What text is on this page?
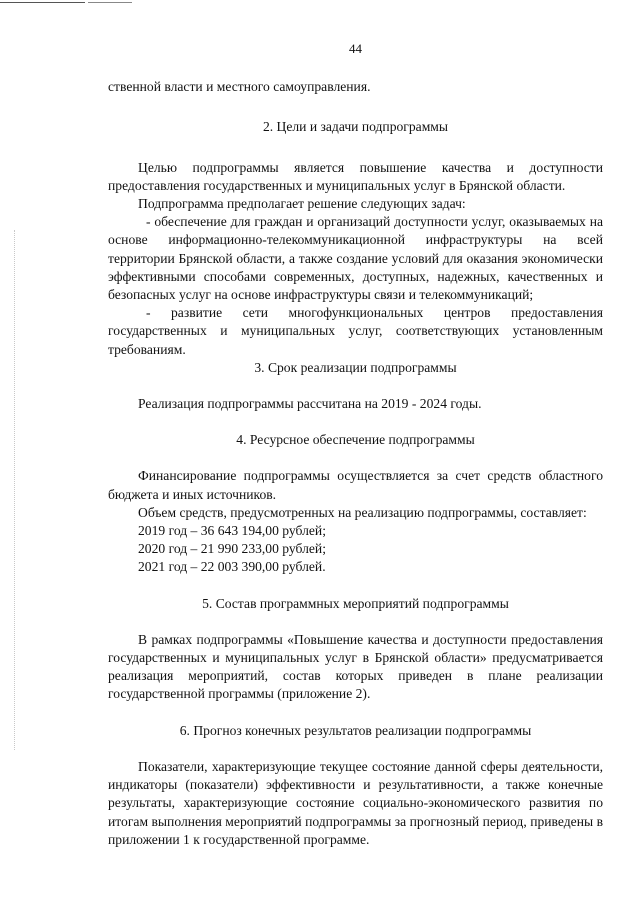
44

ственной власти и местного самоуправления.

2. Цели и задачи подпрограммы

Целью подпрограммы является повышение качества и доступности предоставления государственных и муниципальных услуг в Брянской области.

Подпрограмма предполагает решение следующих задач:

- обеспечение для граждан и организаций доступности услуг, оказываемых на основе информационно-телекоммуникационной инфраструктуры на всей территории Брянской области, а также создание условий для оказания экономически эффективными способами современных, доступных, надежных, качественных и безопасных услуг на основе инфраструктуры связи и телекоммуникаций;

- развитие сети многофункциональных центров предоставления государственных и муниципальных услуг, соответствующих установленным требованиям.

3. Срок реализации подпрограммы

Реализация подпрограммы рассчитана на 2019 - 2024 годы.

4. Ресурсное обеспечение подпрограммы

Финансирование подпрограммы осуществляется за счет средств областного бюджета и иных источников.

Объем средств, предусмотренных на реализацию подпрограммы, составляет:

2019 год – 36 643 194,00 рублей;

2020 год – 21 990 233,00 рублей;

2021 год – 22 003 390,00 рублей.

5. Состав программных мероприятий подпрограммы

В рамках подпрограммы «Повышение качества и доступности предоставления государственных и муниципальных услуг в Брянской области» предусматривается реализация мероприятий, состав которых приведен в плане реализации государственной программы (приложение 2).

6. Прогноз конечных результатов реализации подпрограммы

Показатели, характеризующие текущее состояние данной сферы деятельности, индикаторы (показатели) эффективности и результативности, а также конечные результаты, характеризующие состояние социально-экономического развития по итогам выполнения мероприятий подпрограммы за прогнозный период, приведены в приложении 1 к государственной программе.
